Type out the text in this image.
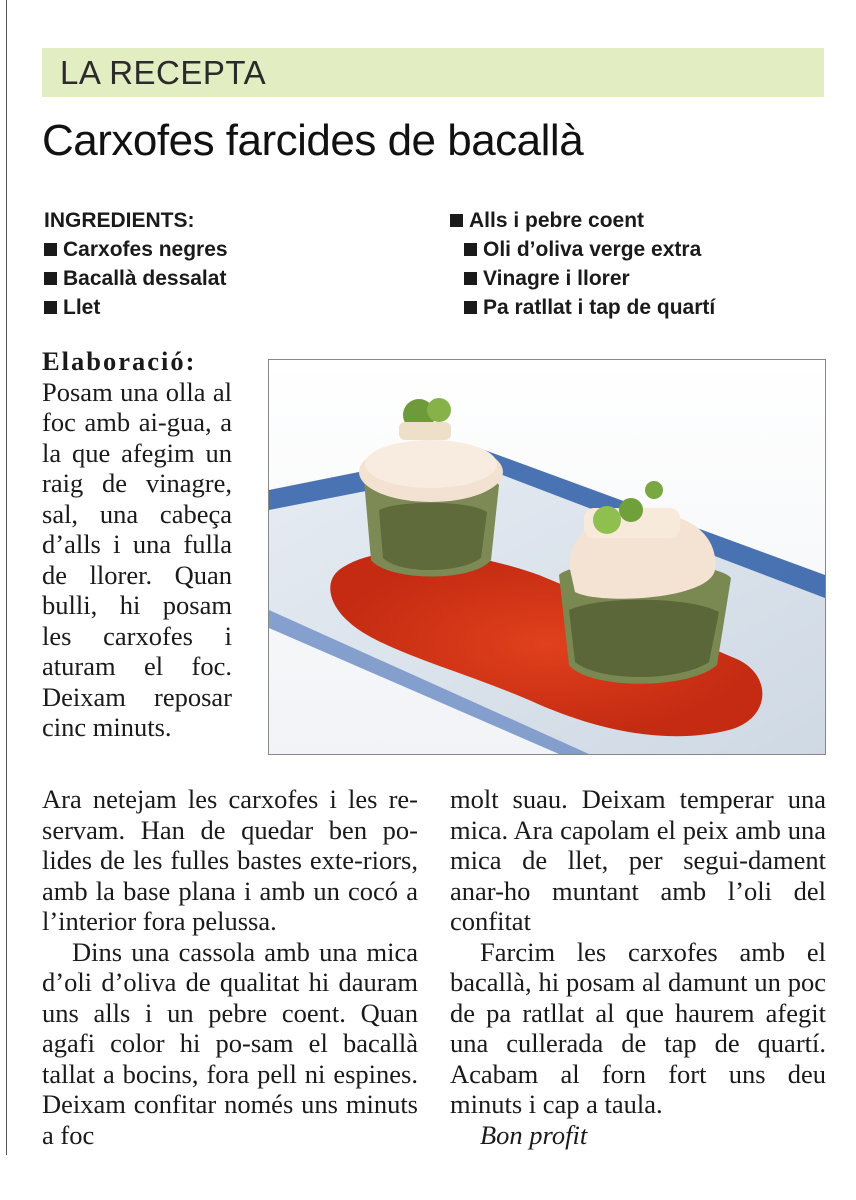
LA RECEPTA
Carxofes farcides de bacallà
INGREDIENTS:
Carxofes negres
Bacallà dessalat
Llet
Alls i pebre coent
Oli d’oliva verge extra
Vinagre i llorer
Pa ratllat i tap de quartí

Elaboració: Posam una olla al foc amb ai-gua, a la que afegim un raig de vinagre, sal, una cabeça d’alls i una fulla de llorer. Quan bulli, hi posam les carxofes i aturam el foc. Deixam reposar cinc minuts.

Ara netejam les carxofes i les re-servam. Han de quedar ben po-lides de les fulles bastes exte-riors, amb la base plana i amb un cocó a l’interior fora pelussa.

Dins una cassola amb una mica d’oli d’oliva de qualitat hi dauram uns alls i un pebre coent. Quan agafi color hi po-sam el bacallà tallat a bocins, fora pell ni espines. Deixam confitar només uns minuts a foc

molt suau. Deixam temperar una mica. Ara capolam el peix amb una mica de llet, per segui-dament anar-ho muntant amb l’oli del confitat

Farcim les carxofes amb el bacallà, hi posam al damunt un poc de pa ratllat al que haurem afegit una cullerada de tap de quartí. Acabam al forn fort uns deu minuts i cap a taula.

Bon profit
